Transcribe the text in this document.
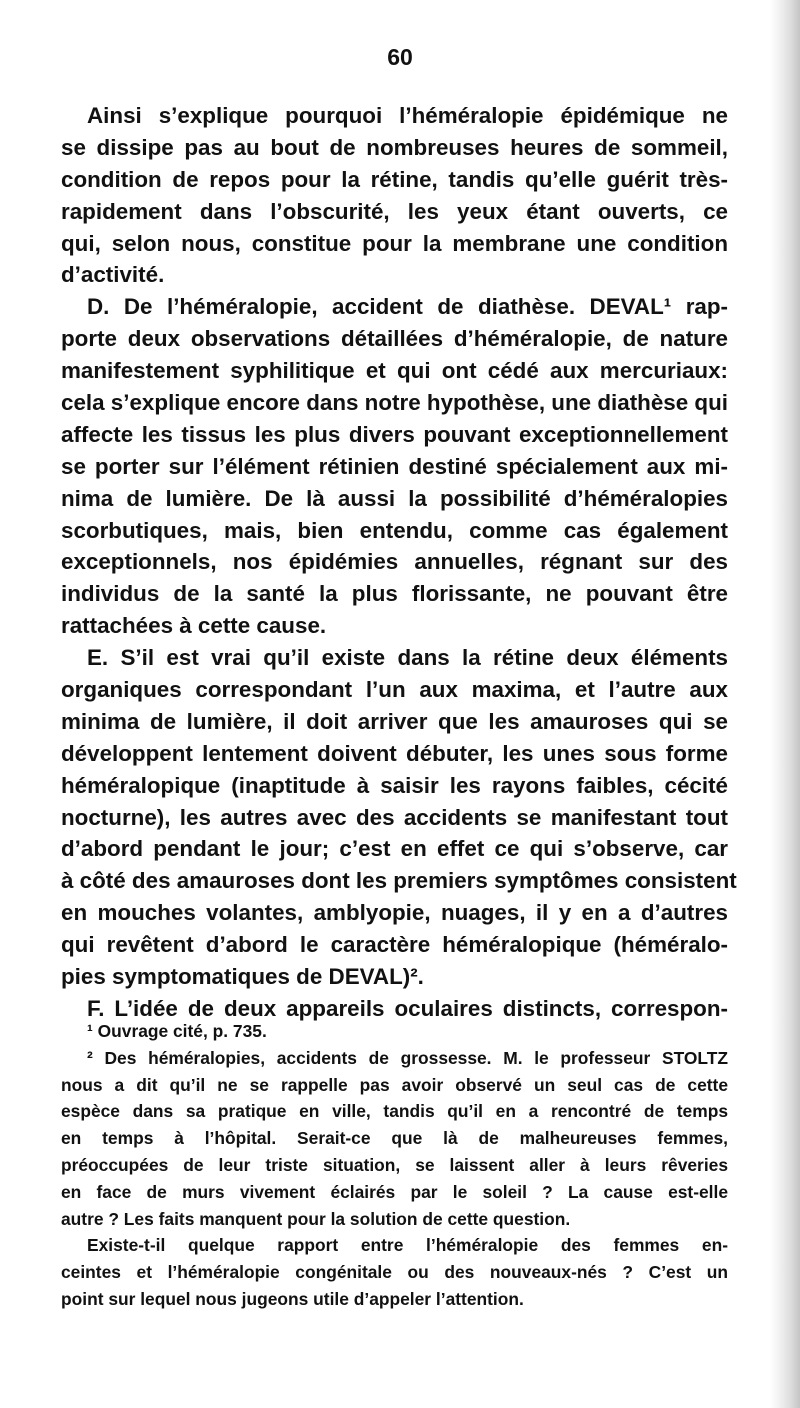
60
Ainsi s’explique pourquoi l’héméralopie épidémique ne
se dissipe pas au bout de nombreuses heures de sommeil,
condition de repos pour la rétine, tandis qu’elle guérit très-
rapidement dans l’obscurité, les yeux étant ouverts, ce
qui, selon nous, constitue pour la membrane une condition
d’activité.
D. De l’héméralopie, accident de diathèse. DEVAL¹ rap-
porte deux observations détaillées d’héméralopie, de nature
manifestement syphilitique et qui ont cédé aux mercuriaux:
cela s’explique encore dans notre hypothèse, une diathèse qui
affecte les tissus les plus divers pouvant exceptionnellement
se porter sur l’élément rétinien destiné spécialement aux mi-
nima de lumière. De là aussi la possibilité d’héméralopies
scorbutiques, mais, bien entendu, comme cas également
exceptionnels, nos épidémies annuelles, régnant sur des
individus de la santé la plus florissante, ne pouvant être
rattachées à cette cause.
E. S’il est vrai qu’il existe dans la rétine deux éléments
organiques correspondant l’un aux maxima, et l’autre aux
minima de lumière, il doit arriver que les amauroses qui se
développent lentement doivent débuter, les unes sous forme
héméralopique (inaptitude à saisir les rayons faibles, cécité
nocturne), les autres avec des accidents se manifestant tout
d’abord pendant le jour; c’est en effet ce qui s’observe, car
à côté des amauroses dont les premiers symptômes consistent
en mouches volantes, amblyopie, nuages, il y en a d’autres
qui revêtent d’abord le caractère héméralopique (héméralo-
pies symptomatiques de DEVAL)².
F. L’idée de deux appareils oculaires distincts, correspon-
¹ Ouvrage cité, p. 735.
² Des héméralopies, accidents de grossesse. M. le professeur STOLTZ
nous a dit qu’il ne se rappelle pas avoir observé un seul cas de cette
espèce dans sa pratique en ville, tandis qu’il en a rencontré de temps
en temps à l’hôpital. Serait-ce que là de malheureuses femmes,
préoccupées de leur triste situation, se laissent aller à leurs rêveries
en face de murs vivement éclairés par le soleil ? La cause est-elle
autre ? Les faits manquent pour la solution de cette question.
Existe-t-il quelque rapport entre l’héméralopie des femmes en-
ceintes et l’héméralopie congénitale ou des nouveaux-nés ? C’est un
point sur lequel nous jugeons utile d’appeler l’attention.
